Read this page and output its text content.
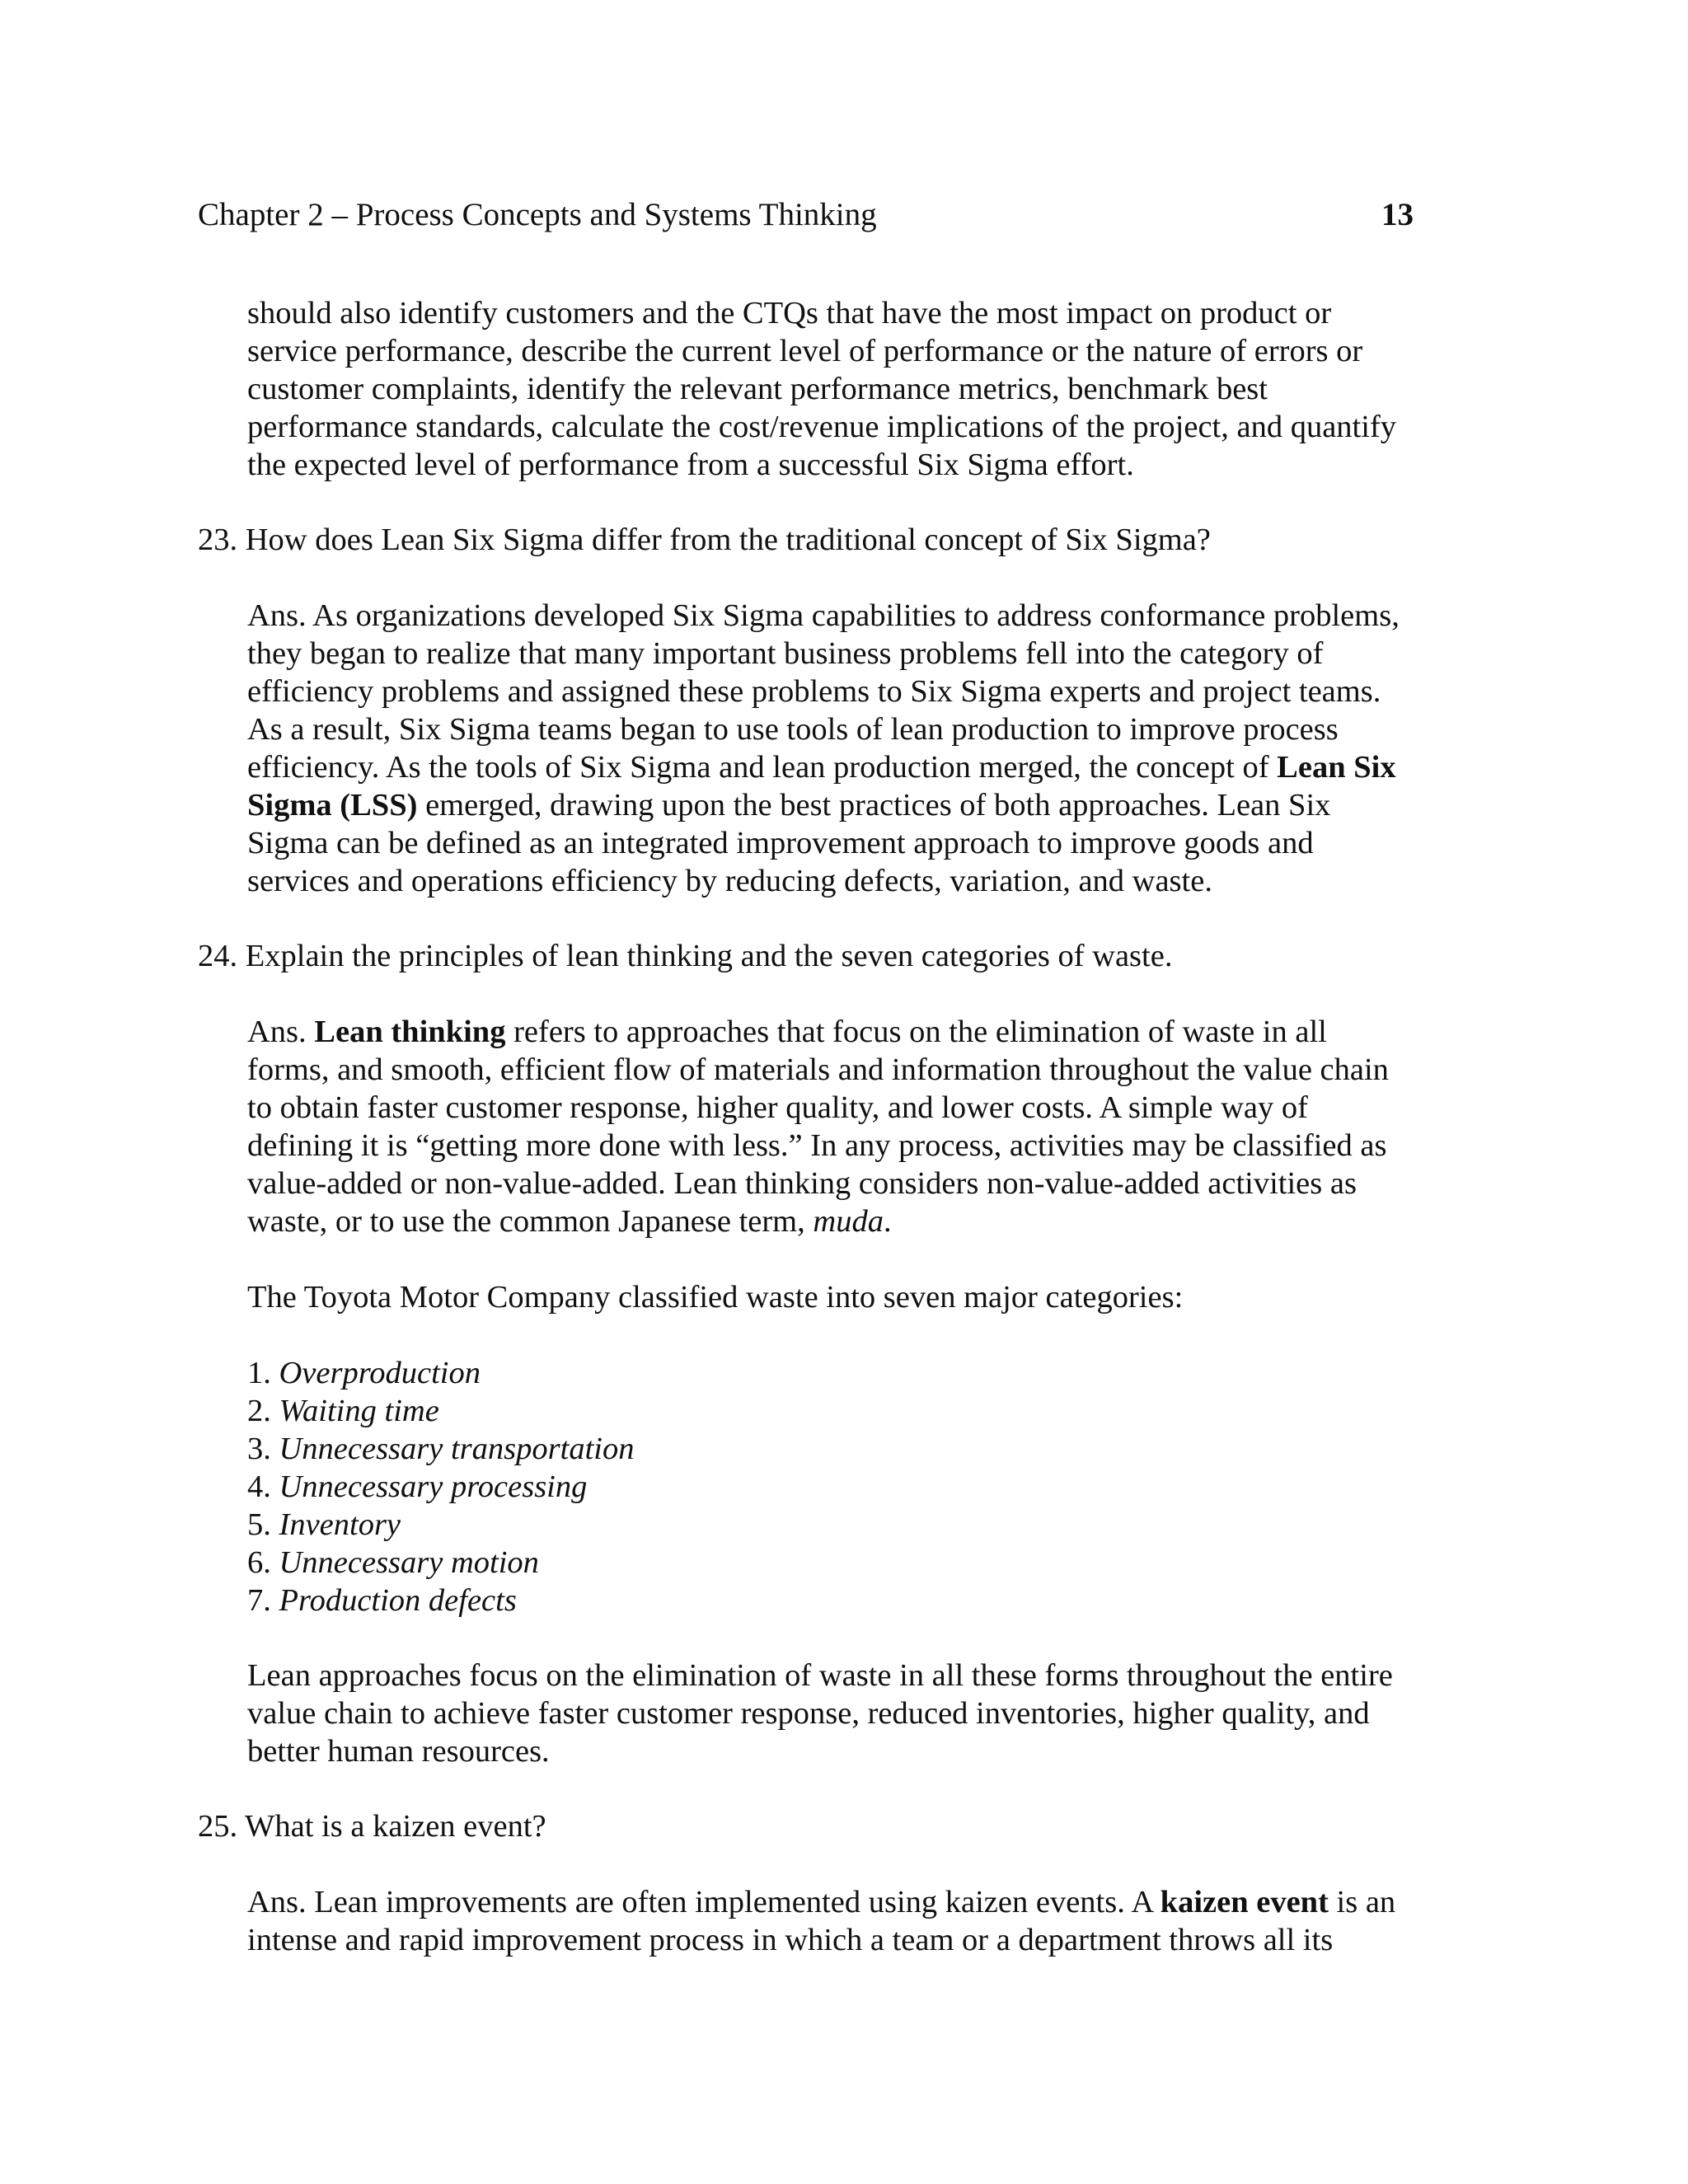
Chapter 2 – Process Concepts and Systems Thinking	13
should also identify customers and the CTQs that have the most impact on product or
service performance, describe the current level of performance or the nature of errors or
customer complaints, identify the relevant performance metrics, benchmark best
performance standards, calculate the cost/revenue implications of the project, and quantify
the expected level of performance from a successful Six Sigma effort.
23. How does Lean Six Sigma differ from the traditional concept of Six Sigma?
Ans. As organizations developed Six Sigma capabilities to address conformance problems,
they began to realize that many important business problems fell into the category of
efficiency problems and assigned these problems to Six Sigma experts and project teams.
As a result, Six Sigma teams began to use tools of lean production to improve process
efficiency. As the tools of Six Sigma and lean production merged, the concept of Lean Six
Sigma (LSS) emerged, drawing upon the best practices of both approaches. Lean Six
Sigma can be defined as an integrated improvement approach to improve goods and
services and operations efficiency by reducing defects, variation, and waste.
24. Explain the principles of lean thinking and the seven categories of waste.
Ans. Lean thinking refers to approaches that focus on the elimination of waste in all
forms, and smooth, efficient flow of materials and information throughout the value chain
to obtain faster customer response, higher quality, and lower costs. A simple way of
defining it is “getting more done with less.” In any process, activities may be classified as
value-added or non-value-added. Lean thinking considers non-value-added activities as
waste, or to use the common Japanese term, muda.
The Toyota Motor Company classified waste into seven major categories:
1. Overproduction
2. Waiting time
3. Unnecessary transportation
4. Unnecessary processing
5. Inventory
6. Unnecessary motion
7. Production defects
Lean approaches focus on the elimination of waste in all these forms throughout the entire
value chain to achieve faster customer response, reduced inventories, higher quality, and
better human resources.
25. What is a kaizen event?
Ans. Lean improvements are often implemented using kaizen events. A kaizen event is an
intense and rapid improvement process in which a team or a department throws all its
